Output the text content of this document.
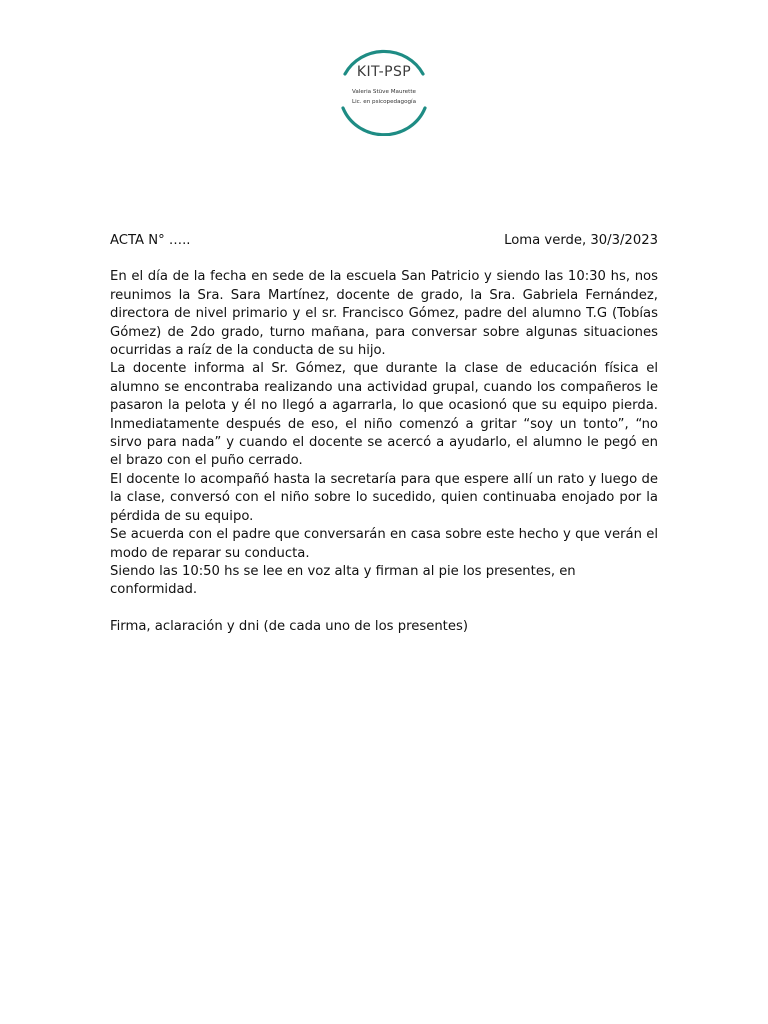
KIT-PSP
Valeria Stüve Maurette
Lic. en psicopedagogía
ACTA N° …..	Loma verde, 30/3/2023

En el día de la fecha en sede de la escuela San Patricio y siendo las 10:30 hs, nos reunimos la Sra. Sara Martínez, docente de grado, la Sra. Gabriela Fernández, directora de nivel primario y el sr. Francisco Gómez, padre del alumno T.G (Tobías Gómez) de 2do grado, turno mañana, para conversar sobre algunas situaciones ocurridas a raíz de la conducta de su hijo.

La docente informa al Sr. Gómez, que durante la clase de educación física el alumno se encontraba realizando una actividad grupal, cuando los compañeros le pasaron la pelota y él no llegó a agarrarla, lo que ocasionó que su equipo pierda. Inmediatamente después de eso, el niño comenzó a gritar “soy un tonto”, “no sirvo para nada” y cuando el docente se acercó a ayudarlo, el alumno le pegó en el brazo con el puño cerrado.

El docente lo acompañó hasta la secretaría para que espere allí un rato y luego de la clase, conversó con el niño sobre lo sucedido, quien continuaba enojado por la pérdida de su equipo.

Se acuerda con el padre que conversarán en casa sobre este hecho y que verán el modo de reparar su conducta.

Siendo las 10:50 hs se lee en voz alta y firman al pie los presentes, en conformidad.

Firma, aclaración y dni (de cada uno de los presentes)
